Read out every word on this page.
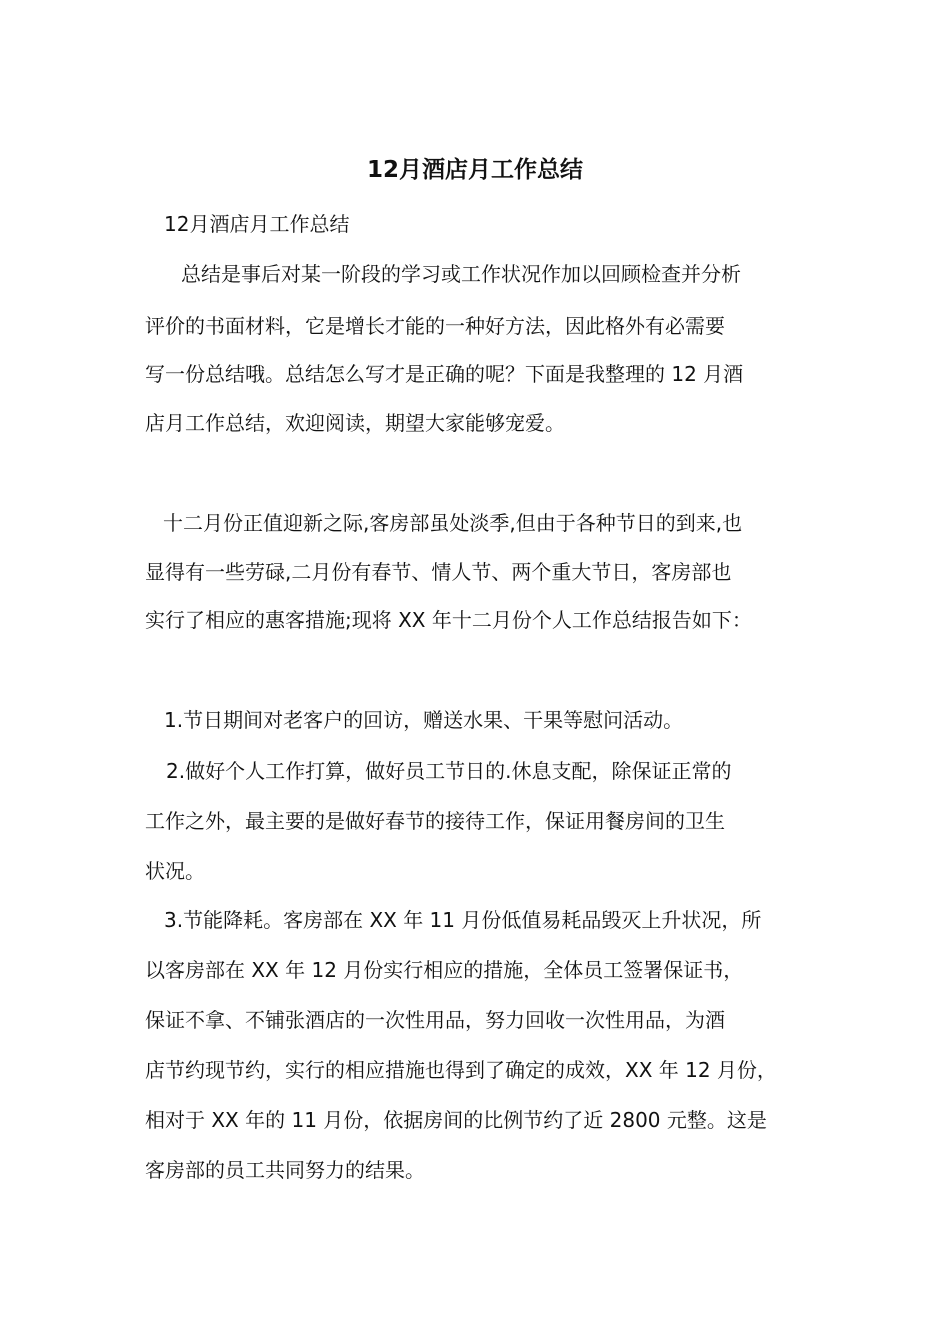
12月酒店月工作总结
12月酒店月工作总结
总结是事后对某一阶段的学习或工作状况作加以回顾检查并分析
评价的书面材料，它是增长才能的一种好方法，因此格外有必需要
写一份总结哦。总结怎么写才是正确的呢？下面是我整理的 12 月酒
店月工作总结，欢迎阅读，期望大家能够宠爱。
十二月份正值迎新之际,客房部虽处淡季,但由于各种节日的到来,也
显得有一些劳碌,二月份有春节、情人节、两个重大节日，客房部也
实行了相应的惠客措施;现将 XX 年十二月份个人工作总结报告如下：
1.节日期间对老客户的回访，赠送水果、干果等慰问活动。
2.做好个人工作打算，做好员工节日的.休息支配，除保证正常的
工作之外，最主要的是做好春节的接待工作，保证用餐房间的卫生
状况。
3.节能降耗。客房部在 XX 年 11 月份低值易耗品毁灭上升状况，所
以客房部在 XX 年 12 月份实行相应的措施，全体员工签署保证书，
保证不拿、不铺张酒店的一次性用品，努力回收一次性用品，为酒
店节约现节约，实行的相应措施也得到了确定的成效，XX 年 12 月份，
相对于 XX 年的 11 月份，依据房间的比例节约了近 2800 元整。这是
客房部的员工共同努力的结果。
